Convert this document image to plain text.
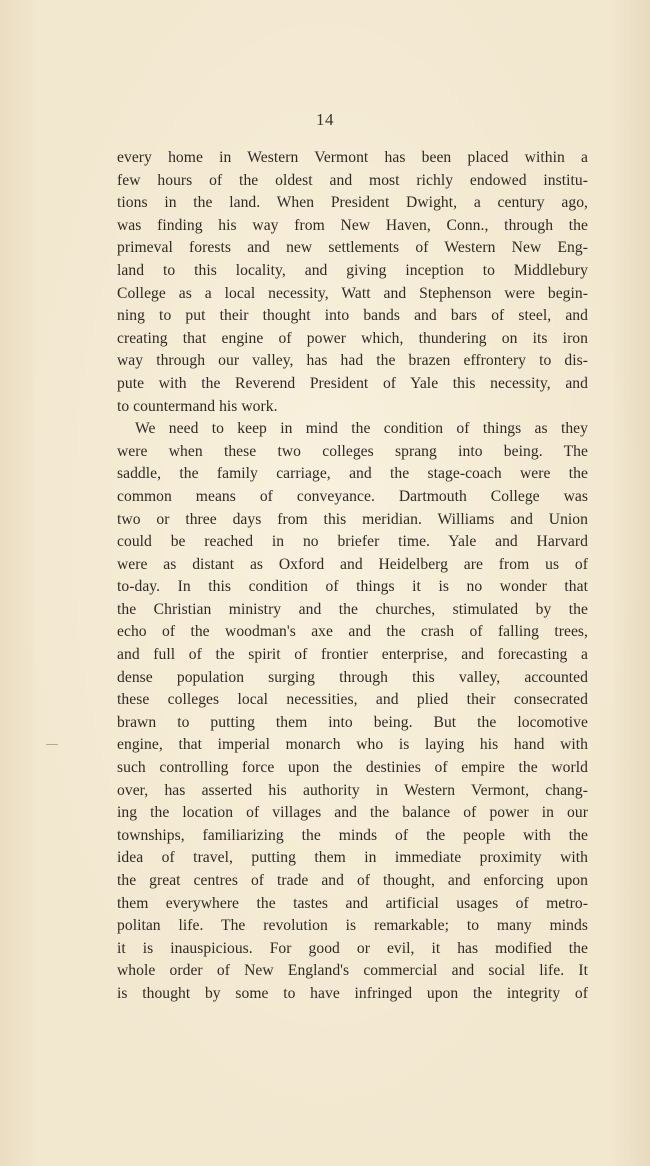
14
every home in Western Vermont has been placed within a
few hours of the oldest and most richly endowed institu-
tions in the land. When President Dwight, a century ago,
was finding his way from New Haven, Conn., through the
primeval forests and new settlements of Western New Eng-
land to this locality, and giving inception to Middlebury
College as a local necessity, Watt and Stephenson were begin-
ning to put their thought into bands and bars of steel, and
creating that engine of power which, thundering on its iron
way through our valley, has had the brazen effrontery to dis-
pute with the Reverend President of Yale this necessity, and
to countermand his work.
We need to keep in mind the condition of things as they
were when these two colleges sprang into being. The
saddle, the family carriage, and the stage-coach were the
common means of conveyance. Dartmouth College was
two or three days from this meridian. Williams and Union
could be reached in no briefer time. Yale and Harvard
were as distant as Oxford and Heidelberg are from us of
to-day. In this condition of things it is no wonder that
the Christian ministry and the churches, stimulated by the
echo of the woodman's axe and the crash of falling trees,
and full of the spirit of frontier enterprise, and forecasting a
dense population surging through this valley, accounted
these colleges local necessities, and plied their consecrated
brawn to putting them into being. But the locomotive
engine, that imperial monarch who is laying his hand with
such controlling force upon the destinies of empire the world
over, has asserted his authority in Western Vermont, chang-
ing the location of villages and the balance of power in our
townships, familiarizing the minds of the people with the
idea of travel, putting them in immediate proximity with
the great centres of trade and of thought, and enforcing upon
them everywhere the tastes and artificial usages of metro-
politan life. The revolution is remarkable; to many minds
it is inauspicious. For good or evil, it has modified the
whole order of New England's commercial and social life. It
is thought by some to have infringed upon the integrity of
